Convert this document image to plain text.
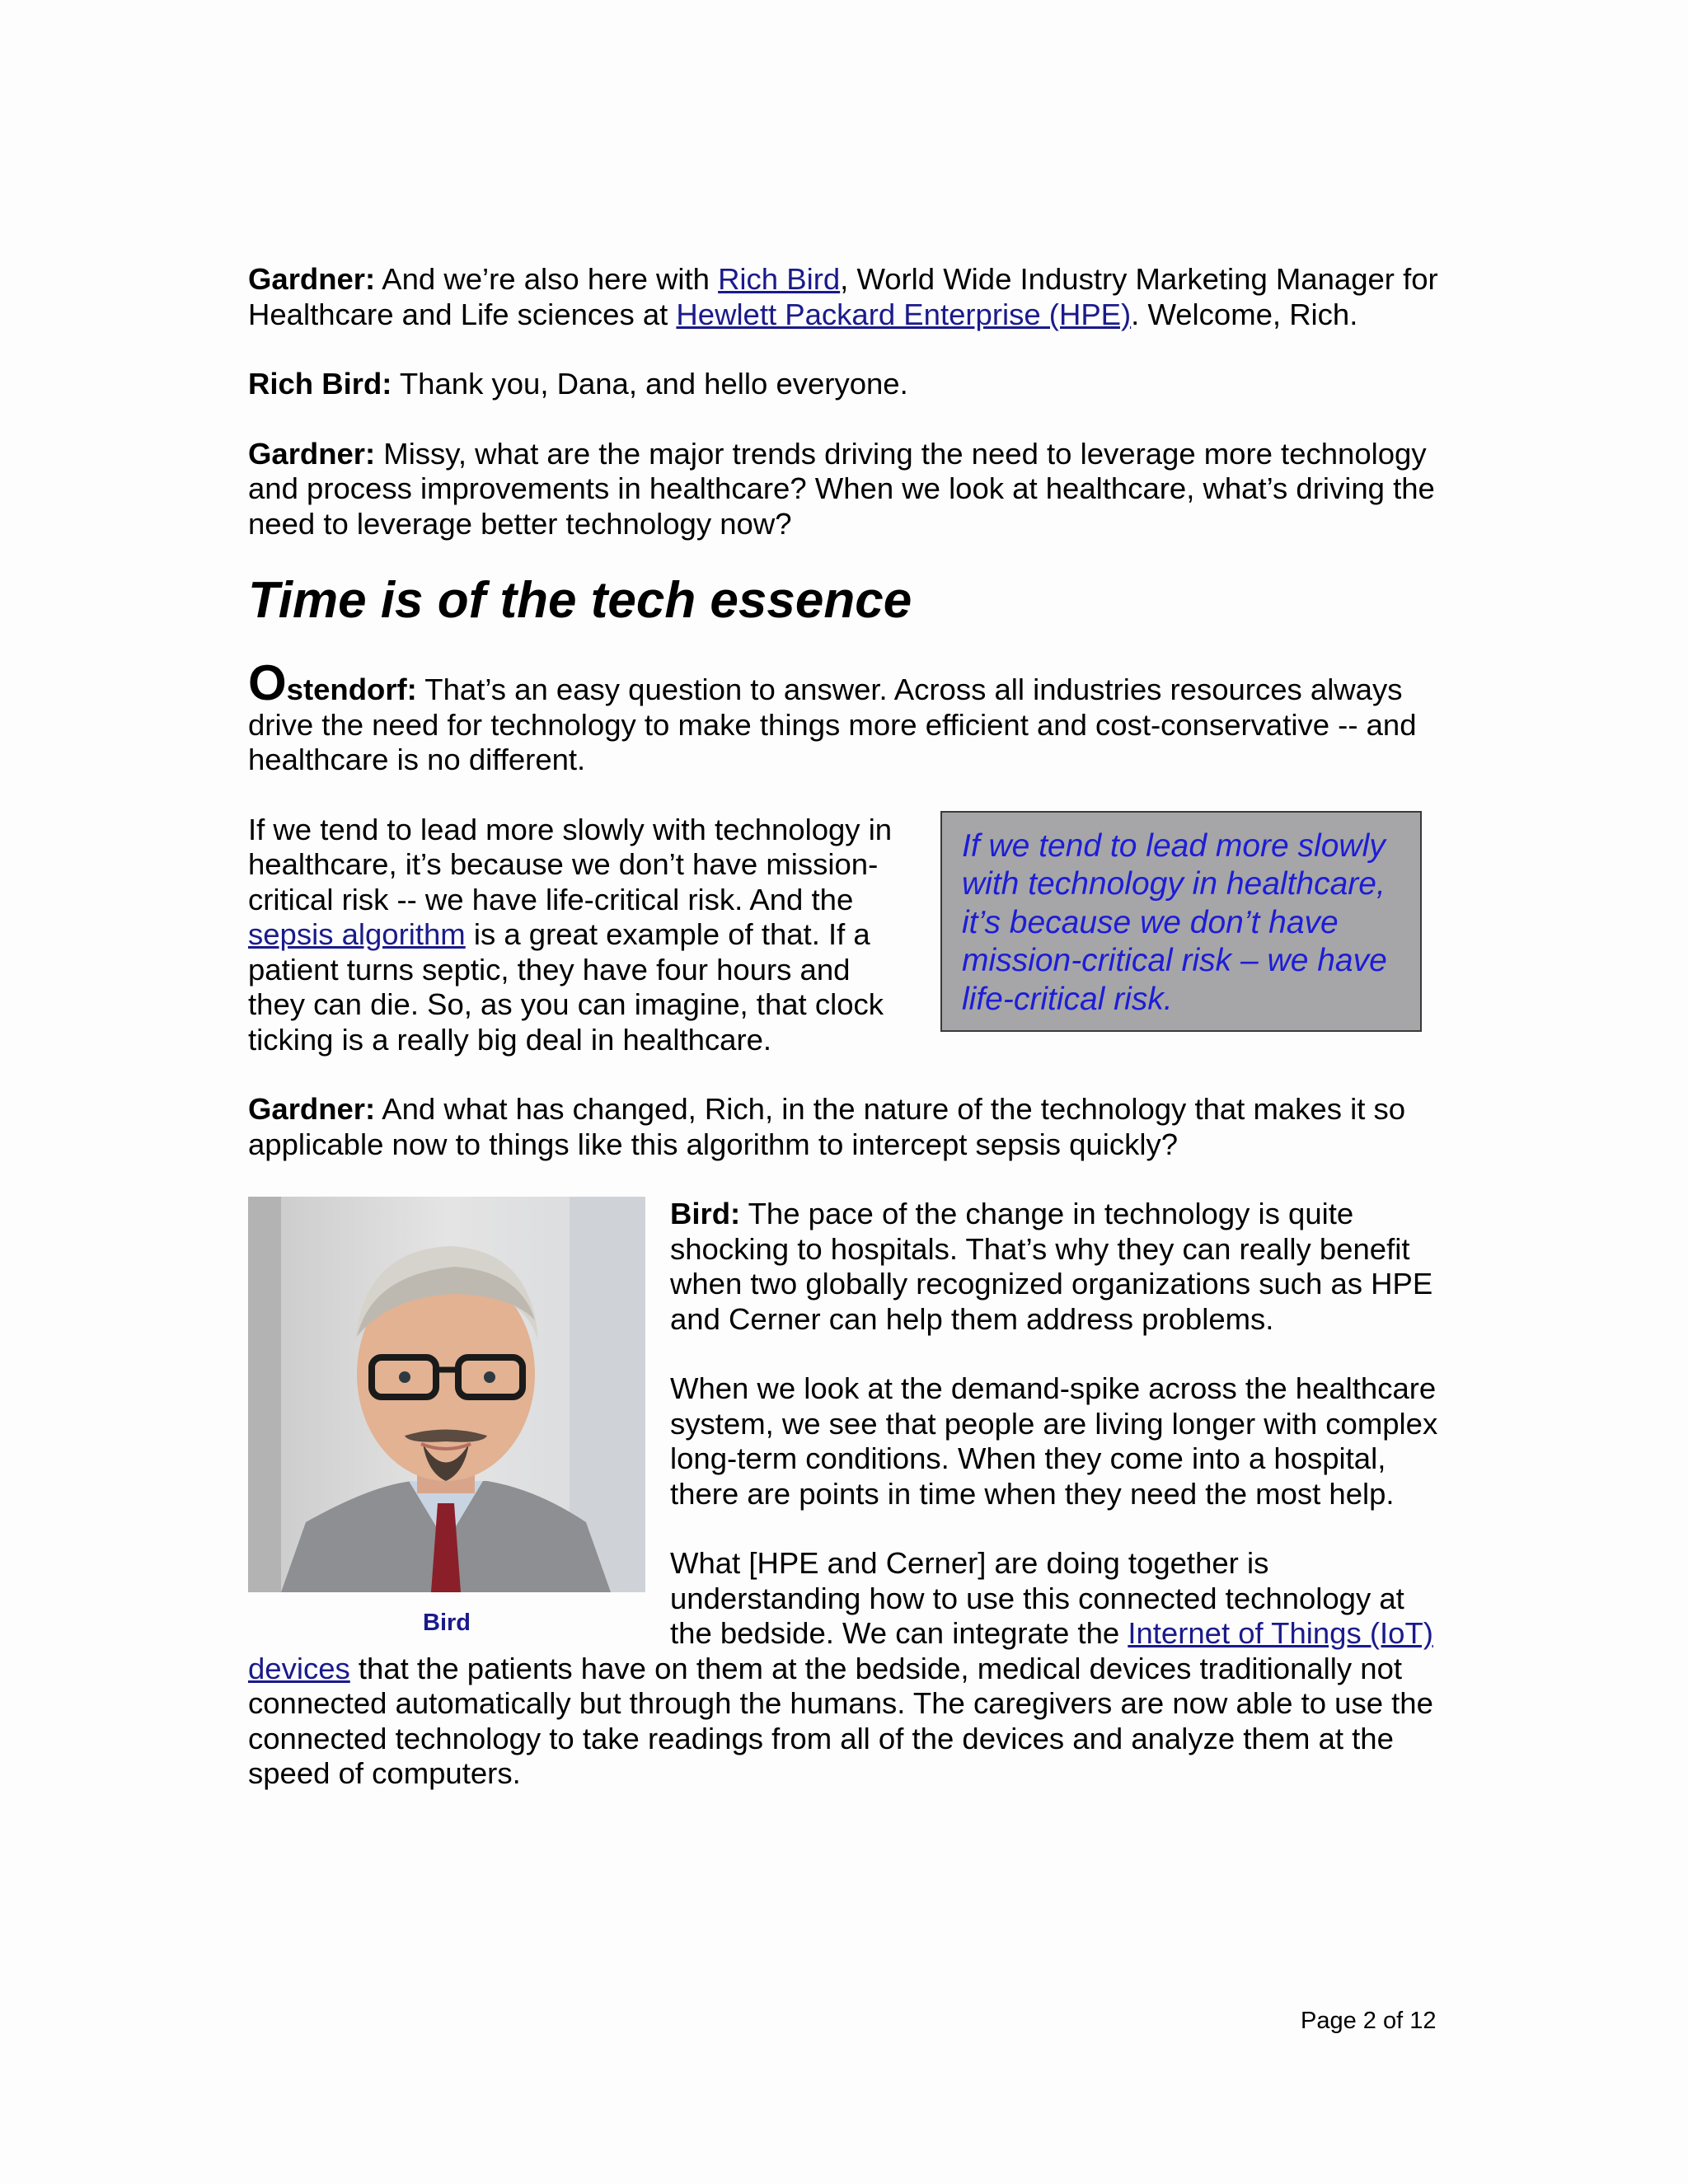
Gardner: And we’re also here with Rich Bird, World Wide Industry Marketing Manager for Healthcare and Life sciences at Hewlett Packard Enterprise (HPE). Welcome, Rich.

Rich Bird: Thank you, Dana, and hello everyone.

Gardner: Missy, what are the major trends driving the need to leverage more technology and process improvements in healthcare? When we look at healthcare, what’s driving the need to leverage better technology now?

Time is of the tech essence

Ostendorf: That’s an easy question to answer. Across all industries resources always drive the need for technology to make things more efficient and cost-conservative -- and healthcare is no different.

If we tend to lead more slowly with technology in healthcare, it’s because we don’t have mission-critical risk -- we have life-critical risk. And the sepsis algorithm is a great example of that. If a patient turns septic, they have four hours and they can die. So, as you can imagine, that clock ticking is a really big deal in healthcare.

If we tend to lead more slowly with technology in healthcare, it’s because we don’t have mission-critical risk – we have life-critical risk.

Gardner: And what has changed, Rich, in the nature of the technology that makes it so applicable now to things like this algorithm to intercept sepsis quickly?

Bird

Bird: The pace of the change in technology is quite shocking to hospitals. That’s why they can really benefit when two globally recognized organizations such as HPE and Cerner can help them address problems.

When we look at the demand-spike across the healthcare system, we see that people are living longer with complex long-term conditions. When they come into a hospital, there are points in time when they need the most help.

What [HPE and Cerner] are doing together is understanding how to use this connected technology at the bedside. We can integrate the Internet of Things (IoT) devices that the patients have on them at the bedside, medical devices traditionally not connected automatically but through the humans. The caregivers are now able to use the connected technology to take readings from all of the devices and analyze them at the speed of computers.

Page 2 of 12
